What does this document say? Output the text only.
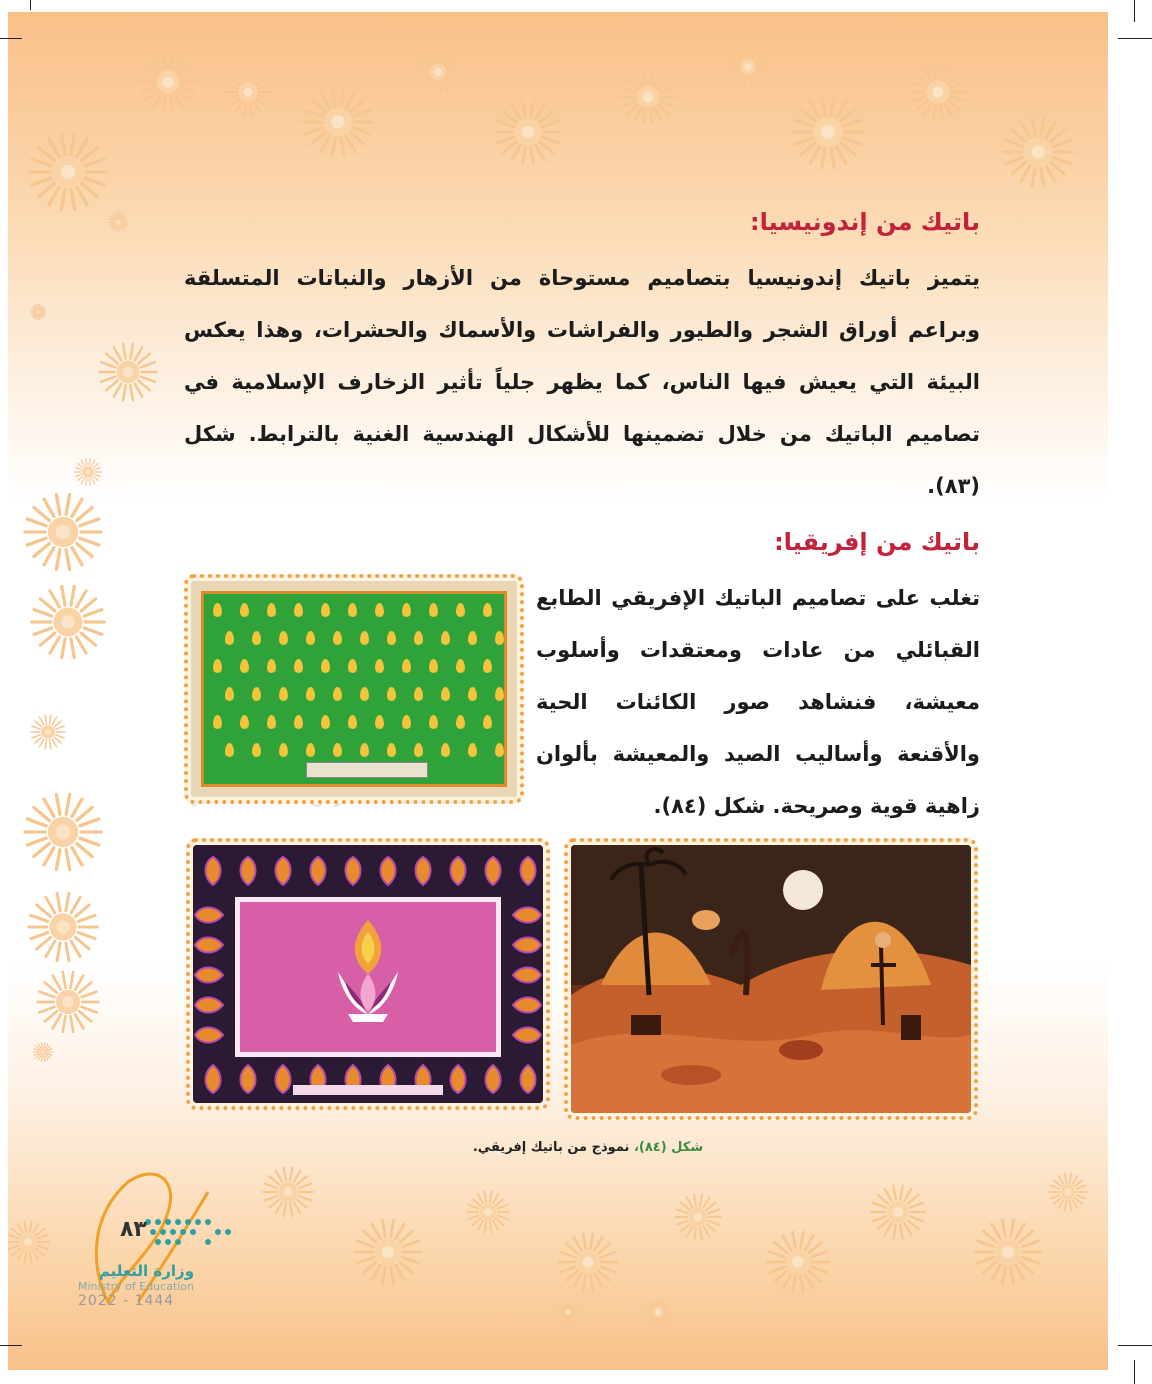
باتيك من إندونيسيا:
يتميز باتيك إندونيسيا بتصاميم مستوحاة من الأزهار والنباتات المتسلقة وبراعم أوراق الشجر والطيور والفراشات والأسماك والحشرات، وهذا يعكس البيئة التي يعيش فيها الناس، كما يظهر جلياً تأثير الزخارف الإسلامية في تصاميم الباتيك من خلال تضمينها للأشكال الهندسية الغنية بالترابط. شكل (٨٣).
باتيك من إفريقيا:
تغلب على تصاميم الباتيك الإفريقي الطابع القبائلي من عادات ومعتقدات وأسلوب معيشة، فنشاهد صور الكائنات الحية والأقنعة وأساليب الصيد والمعيشة بألوان زاهية قوية وصريحة. شكل (٨٤).
شكل (٨٤)، نموذج من باتيك إفريقي.
٨٣
وزارة التعليم
Ministry of Education
2022 - 1444
